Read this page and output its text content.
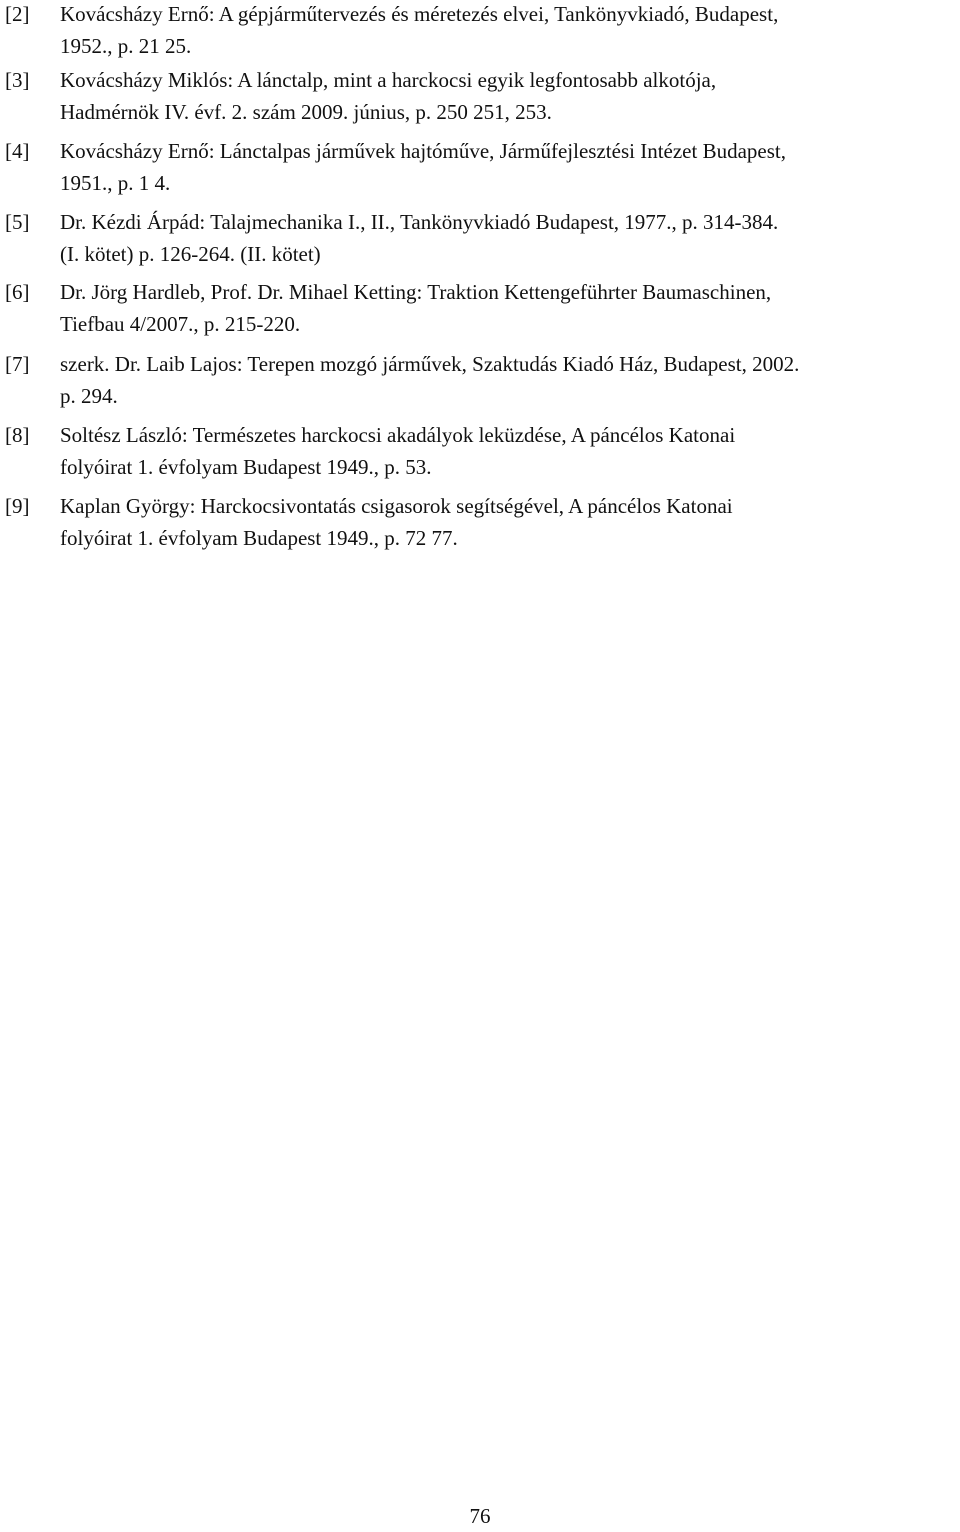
[2] Kovácsházy Ernő: A gépjárműtervezés és méretezés elvei, Tankönyvkiadó, Budapest,
1952., p. 21 25.
[3] Kovácsházy Miklós: A lánctalp, mint a harckocsi egyik legfontosabb alkotója,
Hadmérnök IV. évf. 2. szám 2009. június, p. 250 251, 253.
[4] Kovácsházy Ernő: Lánctalpas járművek hajtóműve, Járműfejlesztési Intézet Budapest,
1951., p. 1 4.
[5] Dr. Kézdi Árpád: Talajmechanika I., II., Tankönyvkiadó Budapest, 1977., p. 314-384.
(I. kötet) p. 126-264. (II. kötet)
[6] Dr. Jörg Hardleb, Prof. Dr. Mihael Ketting: Traktion Kettengeführter Baumaschinen,
Tiefbau 4/2007., p. 215-220.
[7] szerk. Dr. Laib Lajos: Terepen mozgó járművek, Szaktudás Kiadó Ház, Budapest, 2002.
p. 294.
[8] Soltész László: Természetes harckocsi akadályok leküzdése, A páncélos Katonai
folyóirat 1. évfolyam Budapest 1949., p. 53.
[9] Kaplan György: Harckocsivontatás csigasorok segítségével, A páncélos Katonai
folyóirat 1. évfolyam Budapest 1949., p. 72 77.
76
